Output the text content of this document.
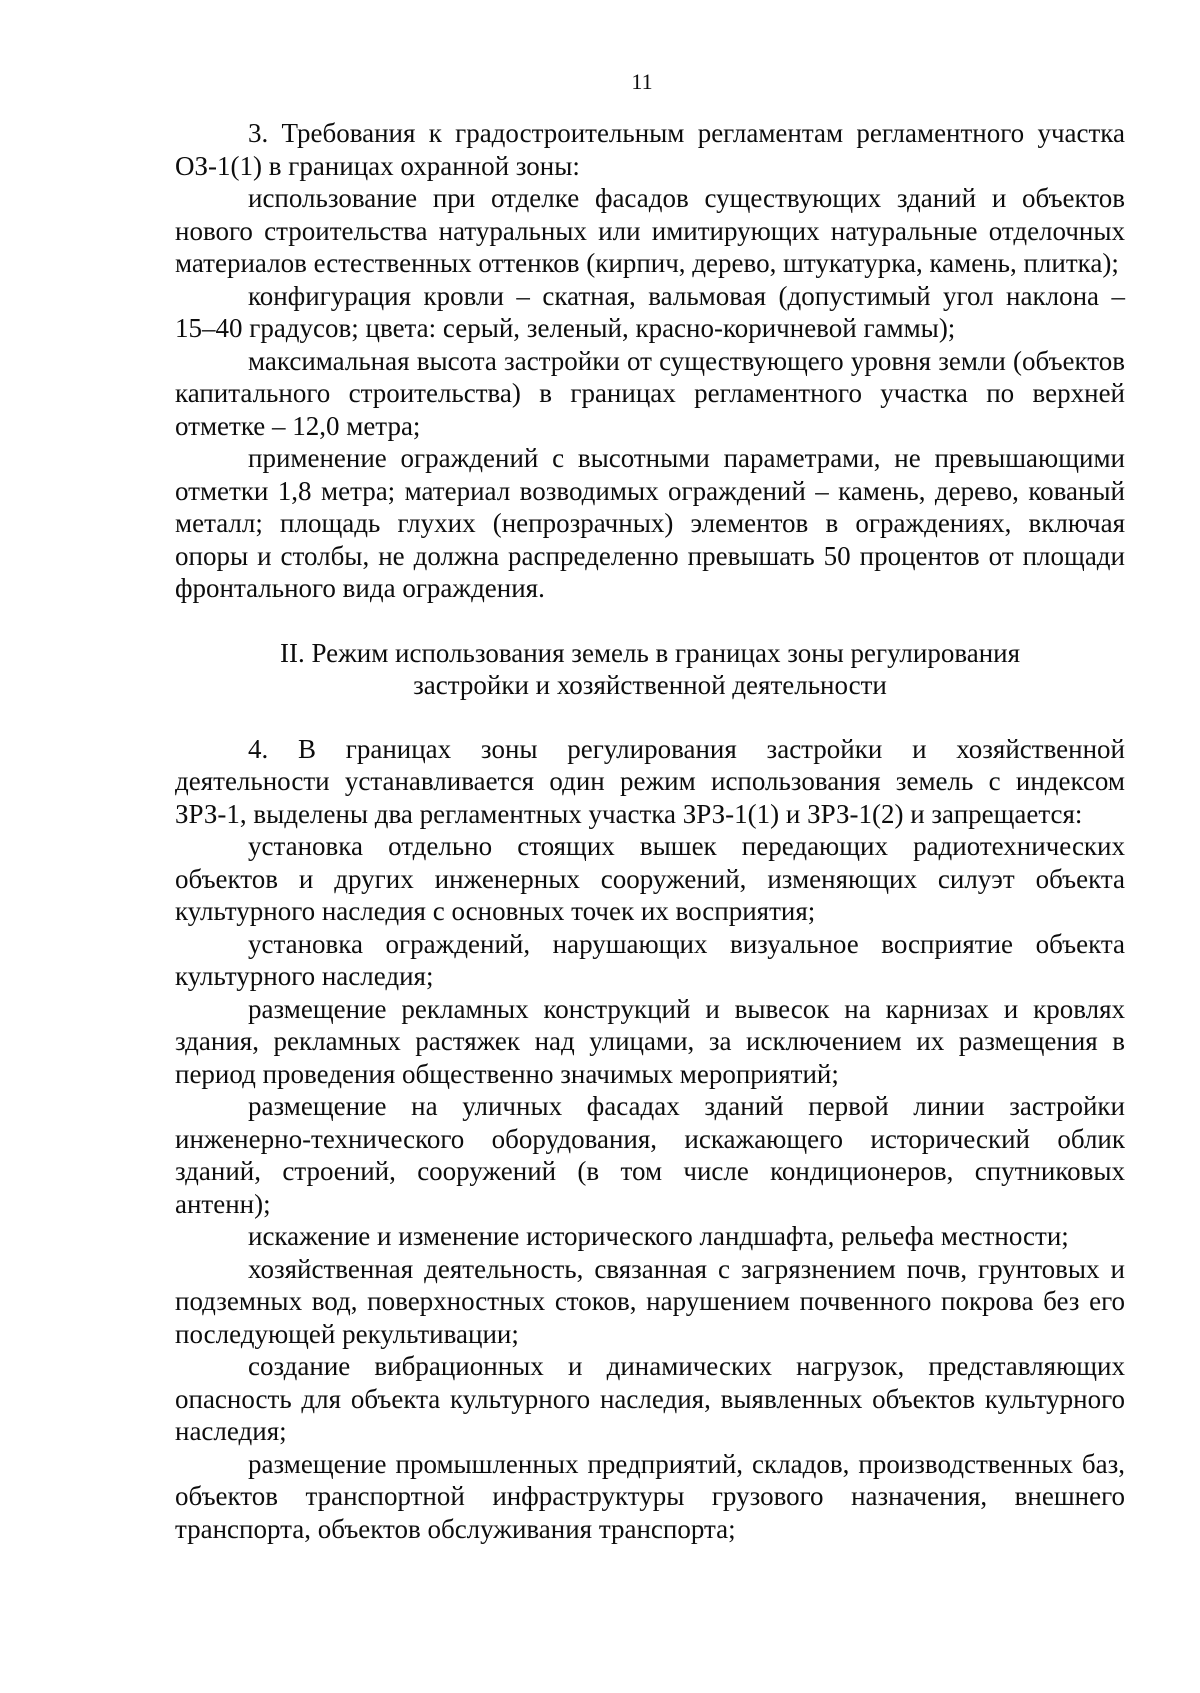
11

3. Требования к градостроительным регламентам регламентного участка ОЗ-1(1) в границах охранной зоны:

использование при отделке фасадов существующих зданий и объектов нового строительства натуральных или имитирующих натуральные отделочных материалов естественных оттенков (кирпич, дерево, штукатурка, камень, плитка);

конфигурация кровли – скатная, вальмовая (допустимый угол наклона – 15–40 градусов; цвета: серый, зеленый, красно-коричневой гаммы);

максимальная высота застройки от существующего уровня земли (объектов капитального строительства) в границах регламентного участка по верхней отметке – 12,0 метра;

применение ограждений с высотными параметрами, не превышающими отметки 1,8 метра; материал возводимых ограждений – камень, дерево, кованый металл; площадь глухих (непрозрачных) элементов в ограждениях, включая опоры и столбы, не должна распределенно превышать 50 процентов от площади фронтального вида ограждения.

II. Режим использования земель в границах зоны регулирования
застройки и хозяйственной деятельности

4. В границах зоны регулирования застройки и хозяйственной деятельности устанавливается один режим использования земель с индексом ЗРЗ-1, выделены два регламентных участка ЗРЗ-1(1) и ЗРЗ-1(2) и запрещается:

установка отдельно стоящих вышек передающих радиотехнических объектов и других инженерных сооружений, изменяющих силуэт объекта культурного наследия с основных точек их восприятия;

установка ограждений, нарушающих визуальное восприятие объекта культурного наследия;

размещение рекламных конструкций и вывесок на карнизах и кровлях здания, рекламных растяжек над улицами, за исключением их размещения в период проведения общественно значимых мероприятий;

размещение на уличных фасадах зданий первой линии застройки инженерно-технического оборудования, искажающего исторический облик зданий, строений, сооружений (в том числе кондиционеров, спутниковых антенн);

искажение и изменение исторического ландшафта, рельефа местности;

хозяйственная деятельность, связанная с загрязнением почв, грунтовых и подземных вод, поверхностных стоков, нарушением почвенного покрова без его последующей рекультивации;

создание вибрационных и динамических нагрузок, представляющих опасность для объекта культурного наследия, выявленных объектов культурного наследия;

размещение промышленных предприятий, складов, производственных баз, объектов транспортной инфраструктуры грузового назначения, внешнего транспорта, объектов обслуживания транспорта;
